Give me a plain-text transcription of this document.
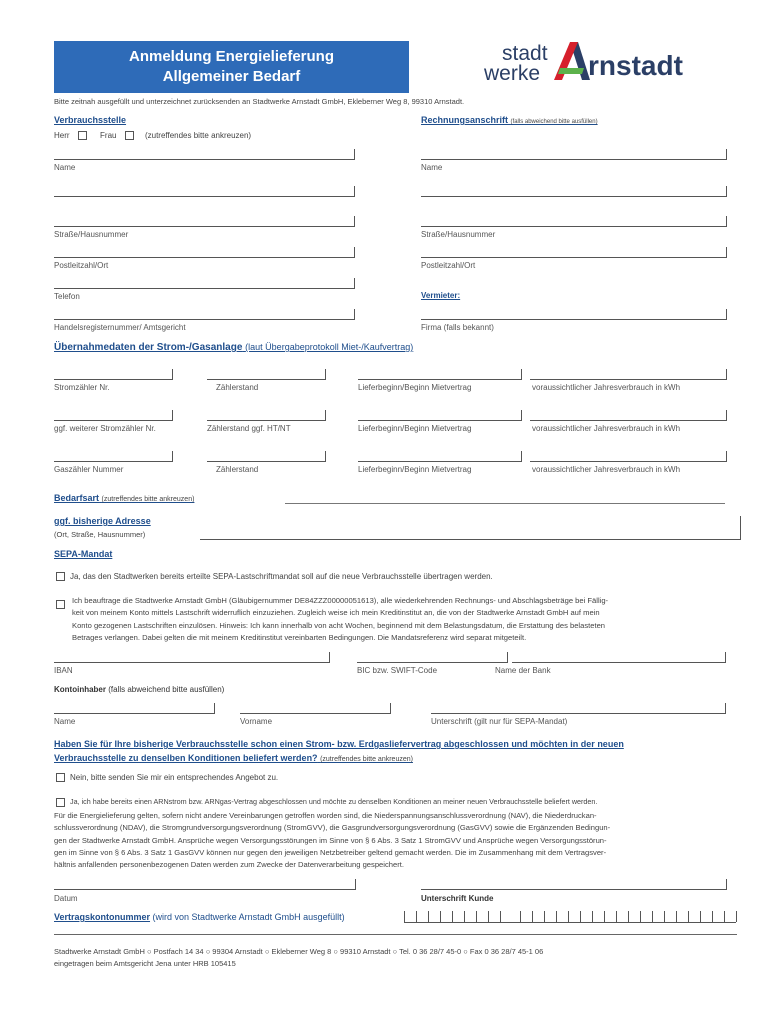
Anmeldung Energielieferung
Allgemeiner Bedarf
stadt
werke rnstadt
Bitte zeitnah ausgefüllt und unterzeichnet zurücksenden an Stadtwerke Arnstadt GmbH, Ekleberner Weg 8, 99310 Arnstadt.
Verbrauchsstelle
Herr	Frau	(zutreffendes bitte ankreuzen)
Name
Straße/Hausnummer
Postleitzahl/Ort
Telefon
Handelsregisternummer/ Amtsgericht
Rechnungsanschrift (falls abweichend bitte ausfüllen)
Name
Straße/Hausnummer
Postleitzahl/Ort
Vermieter:
Firma (falls bekannt)
Übernahmedaten der Strom-/Gasanlage (laut Übergabeprotokoll Miet-/Kaufvertrag)
Stromzähler Nr.	Zählerstand	Lieferbeginn/Beginn Mietvertrag	voraussichtlicher Jahresverbrauch in kWh
ggf. weiterer Stromzähler Nr.	Zählerstand ggf. HT/NT	Lieferbeginn/Beginn Mietvertrag	voraussichtlicher Jahresverbrauch in kWh
Gaszähler Nummer	Zählerstand	Lieferbeginn/Beginn Mietvertrag	voraussichtlicher Jahresverbrauch in kWh
Bedarfsart (zutreffendes bitte ankreuzen)
ggf. bisherige Adresse
(Ort, Straße, Hausnummer)
SEPA-Mandat
Ja, das den Stadtwerken bereits erteilte SEPA-Lastschriftmandat soll auf die neue Verbrauchsstelle übertragen werden.
Ich beauftrage die Stadtwerke Arnstadt GmbH (Gläubigernummer DE84ZZZ00000051613), alle wiederkehrenden Rechnungs- und Abschlagsbeträge bei Fällig-
keit von meinem Konto mittels Lastschrift widerruflich einzuziehen. Zugleich weise ich mein Kreditinstitut an, die von der Stadtwerke Arnstadt GmbH auf mein
Konto gezogenen Lastschriften einzulösen. Hinweis: Ich kann innerhalb von acht Wochen, beginnend mit dem Belastungsdatum, die Erstattung des belasteten
Betrages verlangen. Dabei gelten die mit meinem Kreditinstitut vereinbarten Bedingungen. Die Mandatsreferenz wird separat mitgeteilt.
IBAN	BIC bzw. SWIFT-Code	Name der Bank
Kontoinhaber (falls abweichend bitte ausfüllen)
Name	Vorname	Unterschrift (gilt nur für SEPA-Mandat)
Haben Sie für Ihre bisherige Verbrauchsstelle schon einen Strom- bzw. Erdgasliefervertrag abgeschlossen und möchten in der neuen
Verbrauchsstelle zu denselben Konditionen beliefert werden? (zutreffendes bitte ankreuzen)
Nein, bitte senden Sie mir ein entsprechendes Angebot zu.
Ja, ich habe bereits einen ARNstrom bzw. ARNgas-Vertrag abgeschlossen und möchte zu denselben Konditionen an meiner neuen Verbrauchsstelle beliefert werden.
Für die Energielieferung gelten, sofern nicht andere Vereinbarungen getroffen worden sind, die Niederspannungsanschlussverordnung (NAV), die Niederdruckan-
schlussverordnung (NDAV), die Stromgrundversorgungsverordnung (StromGVV), die Gasgrundversorgungsverordnung (GasGVV) sowie die Ergänzenden Bedingun-
gen der Stadtwerke Arnstadt GmbH. Ansprüche wegen Versorgungsstörungen im Sinne von § 6 Abs. 3 Satz 1 StromGVV und Ansprüche wegen Versorgungsstörun-
gen im Sinne von § 6 Abs. 3 Satz 1 GasGVV können nur gegen den jeweiligen Netzbetreiber geltend gemacht werden. Die im Zusammenhang mit dem Vertragsver-
hältnis anfallenden personenbezogenen Daten werden zum Zwecke der Datenverarbeitung gespeichert.
Datum	Unterschrift Kunde
Vertragskontonummer (wird von Stadtwerke Arnstadt GmbH ausgefüllt)
Stadtwerke Arnstadt GmbH ○ Postfach 14 34 ○ 99304 Arnstadt ○ Ekleberner Weg 8 ○ 99310 Arnstadt ○ Tel. 0 36 28/7 45-0 ○ Fax 0 36 28/7 45-1 06
eingetragen beim Amtsgericht Jena unter HRB 105415
